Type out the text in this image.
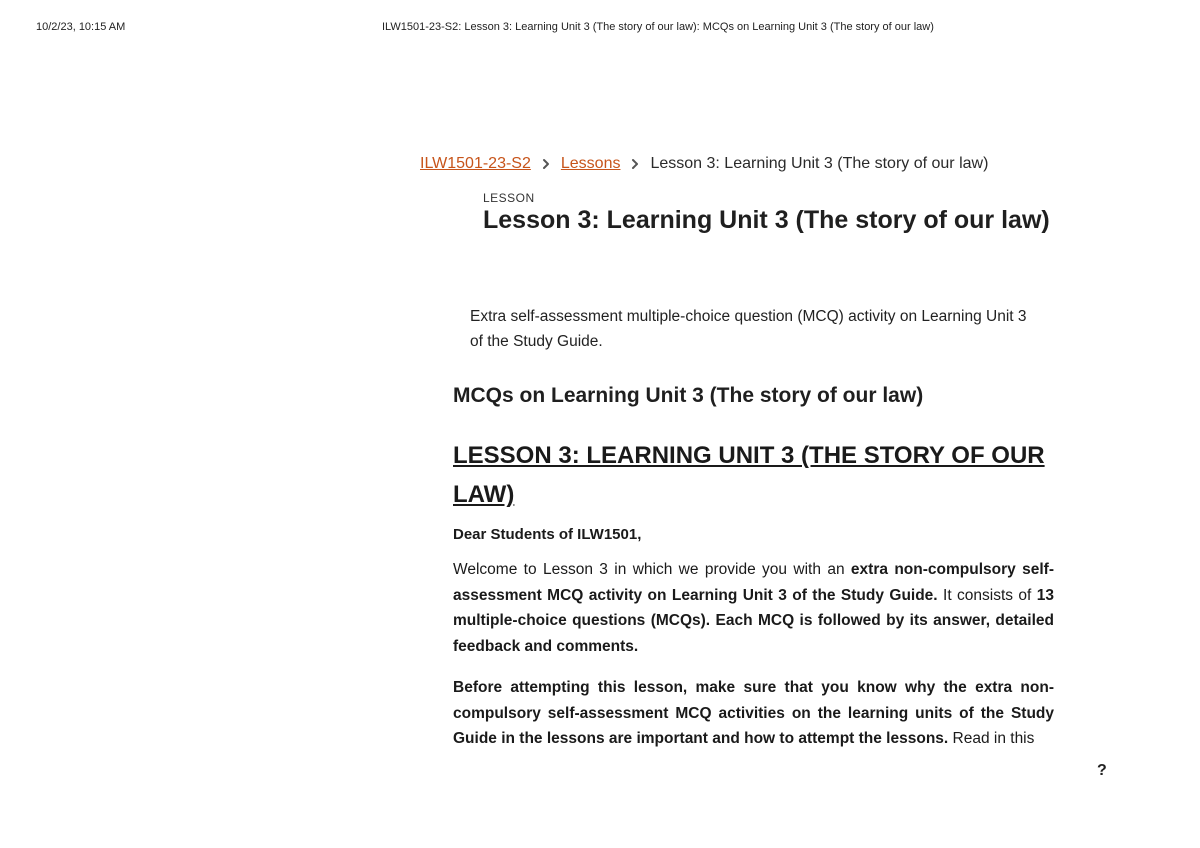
10/2/23, 10:15 AM	ILW1501-23-S2: Lesson 3: Learning Unit 3 (The story of our law): MCQs on Learning Unit 3 (The story of our law)
ILW1501-23-S2 Lessons Lesson 3: Learning Unit 3 (The story of our law)
LESSON
Lesson 3: Learning Unit 3 (The story of our law)

Extra self-assessment multiple-choice question (MCQ) activity on Learning Unit 3 of the Study Guide.

MCQs on Learning Unit 3 (The story of our law)
LESSON 3: LEARNING UNIT 3 (THE STORY OF OUR LAW)

Dear Students of ILW1501,

Welcome to Lesson 3 in which we provide you with an extra non-compulsory self-assessment MCQ activity on Learning Unit 3 of the Study Guide. It consists of 13 multiple-choice questions (MCQs). Each MCQ is followed by its answer, detailed feedback and comments.

Before attempting this lesson, make sure that you know why the extra non-compulsory self-assessment MCQ activities on the learning units of the Study Guide in the lessons are important and how to attempt the lessons. Read in this

?
